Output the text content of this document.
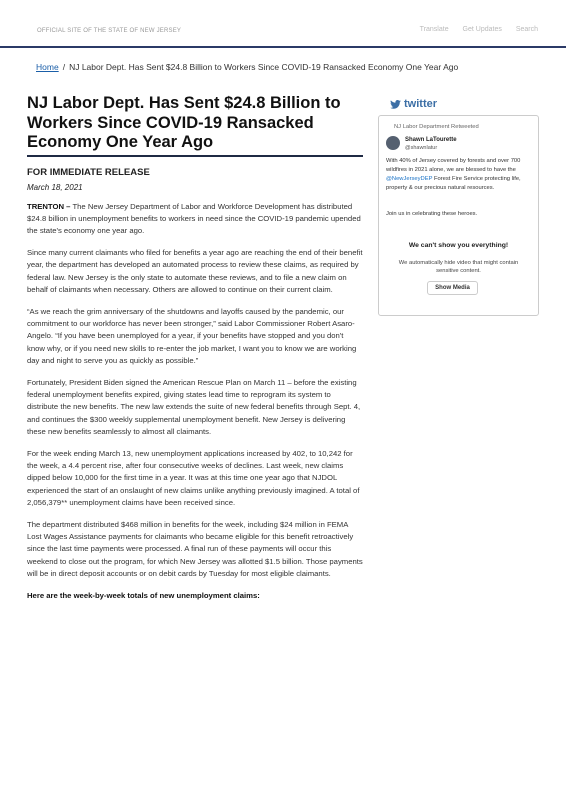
OFFICIAL SITE OF THE STATE OF NEW JERSEY	Translate Get Updates Search
Home / NJ Labor Dept. Has Sent $24.8 Billion to Workers Since COVID-19 Ransacked Economy One Year Ago
NJ Labor Dept. Has Sent $24.8 Billion to Workers Since COVID-19 Ransacked Economy One Year Ago
FOR IMMEDIATE RELEASE
March 18, 2021

TRENTON – The New Jersey Department of Labor and Workforce Development has distributed $24.8 billion in unemployment benefits to workers in need since the COVID-19 pandemic upended the state's economy one year ago.

Since many current claimants who filed for benefits a year ago are reaching the end of their benefit year, the department has developed an automated process to review these claims, as required by federal law. New Jersey is the only state to automate these reviews, and to file a new claim on behalf of claimants when necessary. Others are allowed to continue on their current claim.

“As we reach the grim anniversary of the shutdowns and layoffs caused by the pandemic, our commitment to our workforce has never been stronger,” said Labor Commissioner Robert Asaro-Angelo. “If you have been unemployed for a year, if your benefits have stopped and you don't know why, or if you need new skills to re-enter the job market, I want you to know we are working day and night to serve you as quickly as possible.”

Fortunately, President Biden signed the American Rescue Plan on March 11 – before the existing federal unemployment benefits expired, giving states lead time to reprogram its system to distribute the new benefits. The new law extends the suite of new federal benefits through Sept. 4, and continues the $300 weekly supplemental unemployment benefit. New Jersey is delivering these new benefits seamlessly to almost all claimants.

For the week ending March 13, new unemployment applications increased by 402, to 10,242 for the week, a 4.4 percent rise, after four consecutive weeks of declines. Last week, new claims dipped below 10,000 for the first time in a year. It was at this time one year ago that NJDOL experienced the start of an onslaught of new claims unlike anything previously imagined. A total of 2,056,379** unemployment claims have been received since.

The department distributed $468 million in benefits for the week, including $24 million in FEMA Lost Wages Assistance payments for claimants who became eligible for this benefit retroactively since the last time payments were processed. A final run of these payments will occur this weekend to close out the program, for which New Jersey was allotted $1.5 billion. Those payments will be in direct deposit accounts or on debit cards by Tuesday for most eligible claimants.

Here are the week-by-week totals of new unemployment claims:
twitter
NJ Labor Department Retweeted
Shawn LaTourette
@shawnlatur
With 40% of Jersey covered by forests and over 700 wildfires in 2021 alone, we are blessed to have the @NewJerseyDEP Forest Fire Service protecting life, property & our precious natural resources.
Join us in celebrating these heroes.
We can't show you everything!
We automatically hide video that might contain sensitive content.
Show Media
